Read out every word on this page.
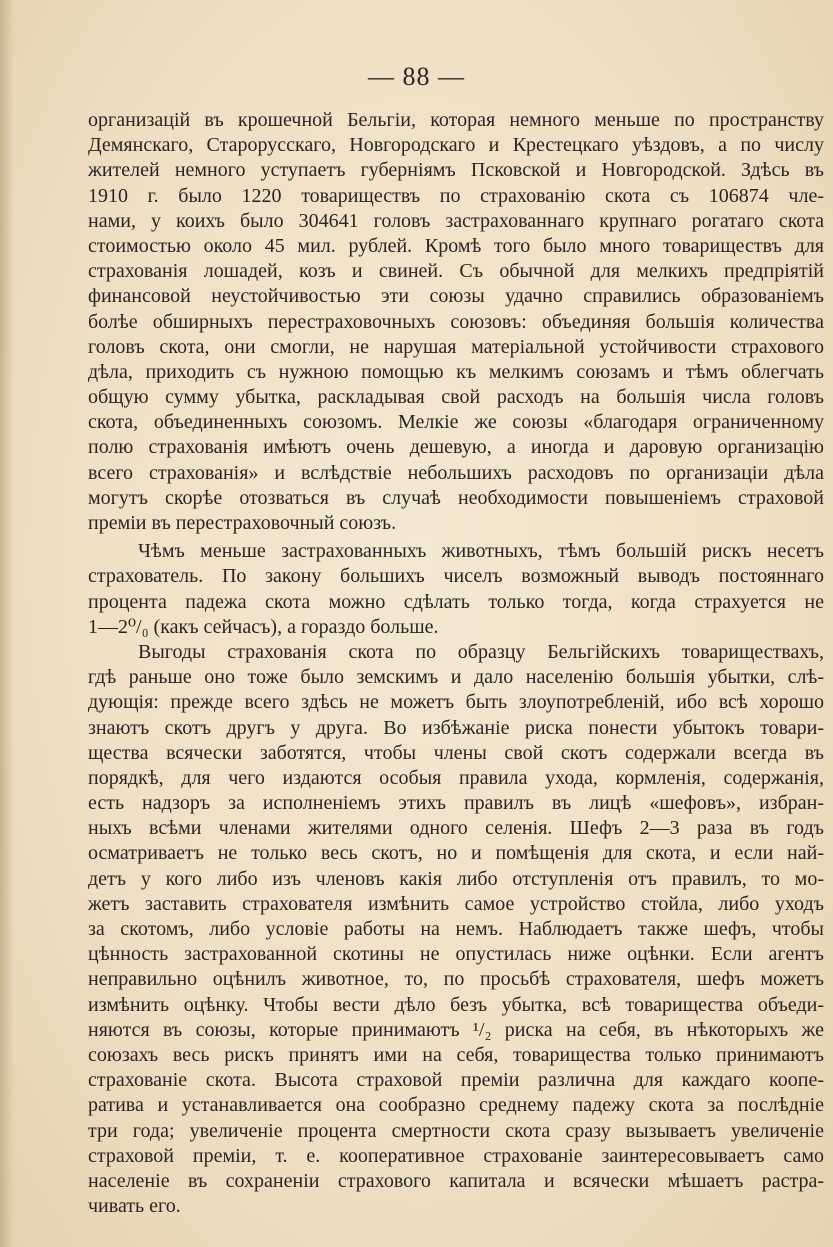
— 88 —
организацій въ крошечной Бельгіи, которая немного меньше по пространству
Демянскаго, Старорусскаго, Новгородскаго и Крестецкаго уѣздовъ, а по числу
жителей немного уступаетъ губерніямъ Псковской и Новгородской. Здѣсь въ
1910 г. было 1220 товариществъ по страхованію скота съ 106874 чле-
нами, у коихъ было 304641 головъ застрахованнаго крупнаго рогатаго скота
стоимостью около 45 мил. рублей. Кромѣ того было много товариществъ для
страхованія лошадей, козъ и свиней. Съ обычной для мелкихъ предпріятій
финансовой неустойчивостью эти союзы удачно справились образованіемъ
болѣе обширныхъ перестраховочныхъ союзовъ: объединяя большія количества
головъ скота, они смогли, не нарушая матеріальной устойчивости страхового
дѣла, приходить съ нужною помощью къ мелкимъ союзамъ и тѣмъ облегчать
общую сумму убытка, раскладывая свой расходъ на большія числа головъ
скота, объединенныхъ союзомъ. Мелкіе же союзы «благодаря ограниченному
полю страхованія имѣютъ очень дешевую, а иногда и даровую организацію
всего страхованія» и вслѣдствіе небольшихъ расходовъ по организаціи дѣла
могутъ скорѣе отозваться въ случаѣ необходимости повышеніемъ страховой
преміи въ перестраховочный союзъ.
Чѣмъ меньше застрахованныхъ животныхъ, тѣмъ большій рискъ несетъ
страхователь. По закону большихъ чиселъ возможный выводъ постояннаго
процента падежа скота можно сдѣлать только тогда, когда страхуется не
1—2⁰/₀ (какъ сейчасъ), а гораздо больше.
Выгоды страхованія скота по образцу Бельгійскихъ товариществахъ,
гдѣ раньше оно тоже было земскимъ и дало населенію большія убытки, слѣ-
дующія: прежде всего здѣсь не можетъ быть злоупотребленій, ибо всѣ хорошо
знаютъ скотъ другъ у друга. Во избѣжаніе риска понести убытокъ товари-
щества всячески заботятся, чтобы члены свой скотъ содержали всегда въ
порядкѣ, для чего издаются особыя правила ухода, кормленія, содержанія,
есть надзоръ за исполненіемъ этихъ правилъ въ лицѣ «шефовъ», избран-
ныхъ всѣми членами жителями одного селенія. Шефъ 2—3 раза въ годъ
осматриваетъ не только весь скотъ, но и помѣщенія для скота, и если най-
детъ у кого либо изъ членовъ какія либо отступленія отъ правилъ, то мо-
жетъ заставить страхователя измѣнить самое устройство стойла, либо уходъ
за скотомъ, либо условіе работы на немъ. Наблюдаетъ также шефъ, чтобы
цѣнность застрахованной скотины не опустилась ниже оцѣнки. Если агентъ
неправильно оцѣнилъ животное, то, по просьбѣ страхователя, шефъ можетъ
измѣнить оцѣнку. Чтобы вести дѣло безъ убытка, всѣ товарищества объеди-
няются въ союзы, которые принимаютъ ¹/₂ риска на себя, въ нѣкоторыхъ же
союзахъ весь рискъ принятъ ими на себя, товарищества только принимаютъ
страхованіе скота. Высота страховой преміи различна для каждаго коопе-
ратива и устанавливается она сообразно среднему падежу скота за послѣдніе
три года; увеличеніе процента смертности скота сразу вызываетъ увеличеніе
страховой преміи, т. е. кооперативное страхованіе заинтересовываетъ само
населеніе въ сохраненіи страхового капитала и всячески мѣшаетъ растра-
чивать его.
